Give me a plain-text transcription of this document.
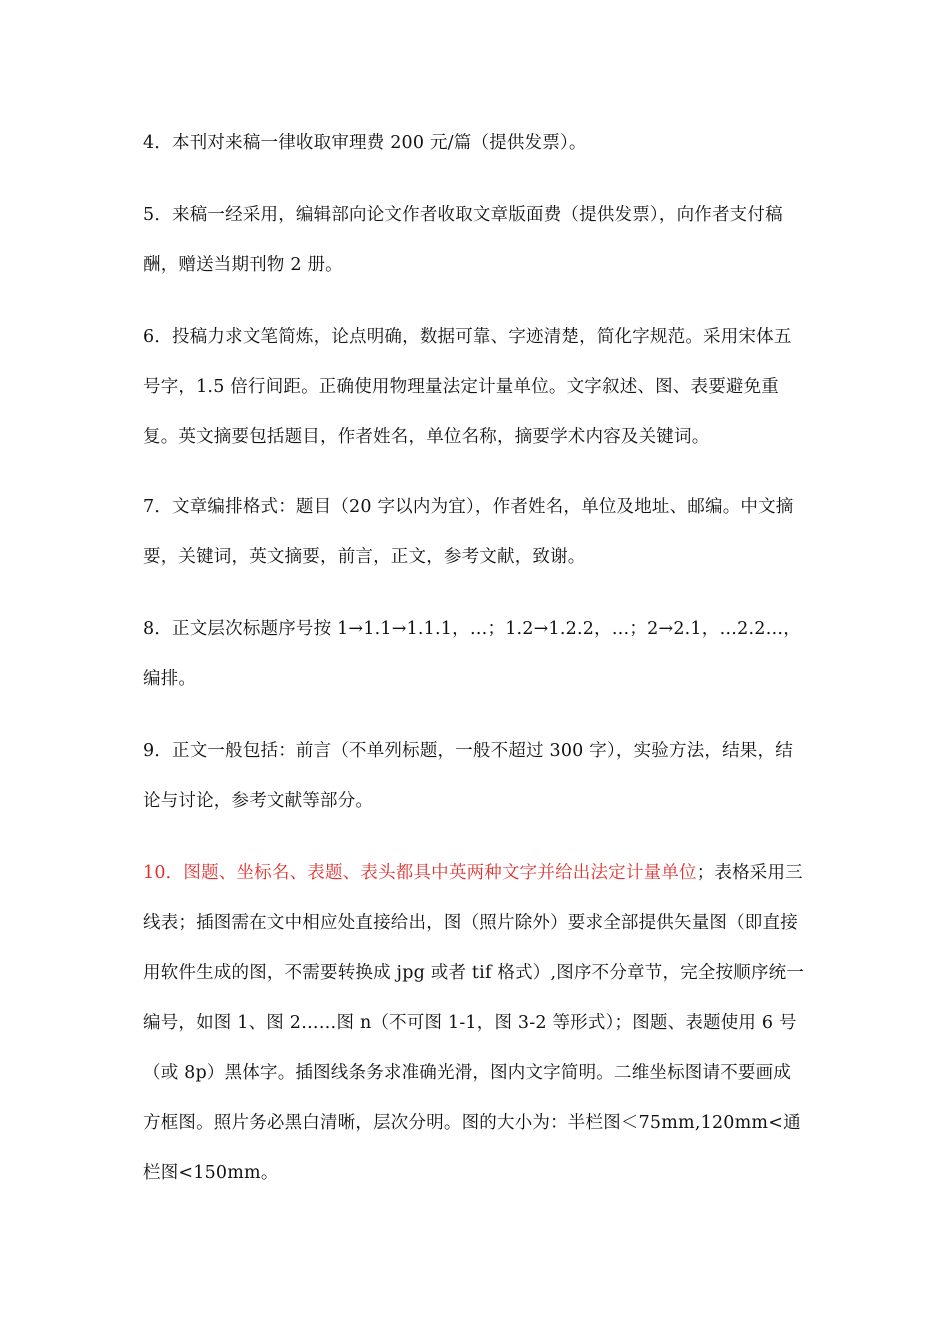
4．本刊对来稿一律收取审理费 200 元/篇（提供发票）。

5．来稿一经采用，编辑部向论文作者收取文章版面费（提供发票），向作者支付稿酬，赠送当期刊物 2 册。

6．投稿力求文笔简炼，论点明确，数据可靠、字迹清楚，简化字规范。采用宋体五号字，1.5 倍行间距。正确使用物理量法定计量单位。文字叙述、图、表要避免重复。英文摘要包括题目，作者姓名，单位名称，摘要学术内容及关键词。

7．文章编排格式：题目（20 字以内为宜），作者姓名，单位及地址、邮编。中文摘要，关键词，英文摘要，前言，正文，参考文献，致谢。

8．正文层次标题序号按 1→1.1→1.1.1，…；1.2→1.2.2，…；2→2.1，…2.2…，编排。

9．正文一般包括：前言（不单列标题，一般不超过 300 字），实验方法，结果，结论与讨论，参考文献等部分。

10．图题、坐标名、表题、表头都具中英两种文字并给出法定计量单位；表格采用三线表；插图需在文中相应处直接给出，图（照片除外）要求全部提供矢量图（即直接用软件生成的图，不需要转换成 jpg 或者 tif 格式）,图序不分章节，完全按顺序统一编号，如图 1、图 2……图 n（不可图 1-1，图 3-2 等形式）；图题、表题使用 6 号（或 8p）黑体字。插图线条务求准确光滑，图内文字简明。二维坐标图请不要画成方框图。照片务必黑白清晰，层次分明。图的大小为：半栏图＜75mm,120mm<通栏图<150mm。
